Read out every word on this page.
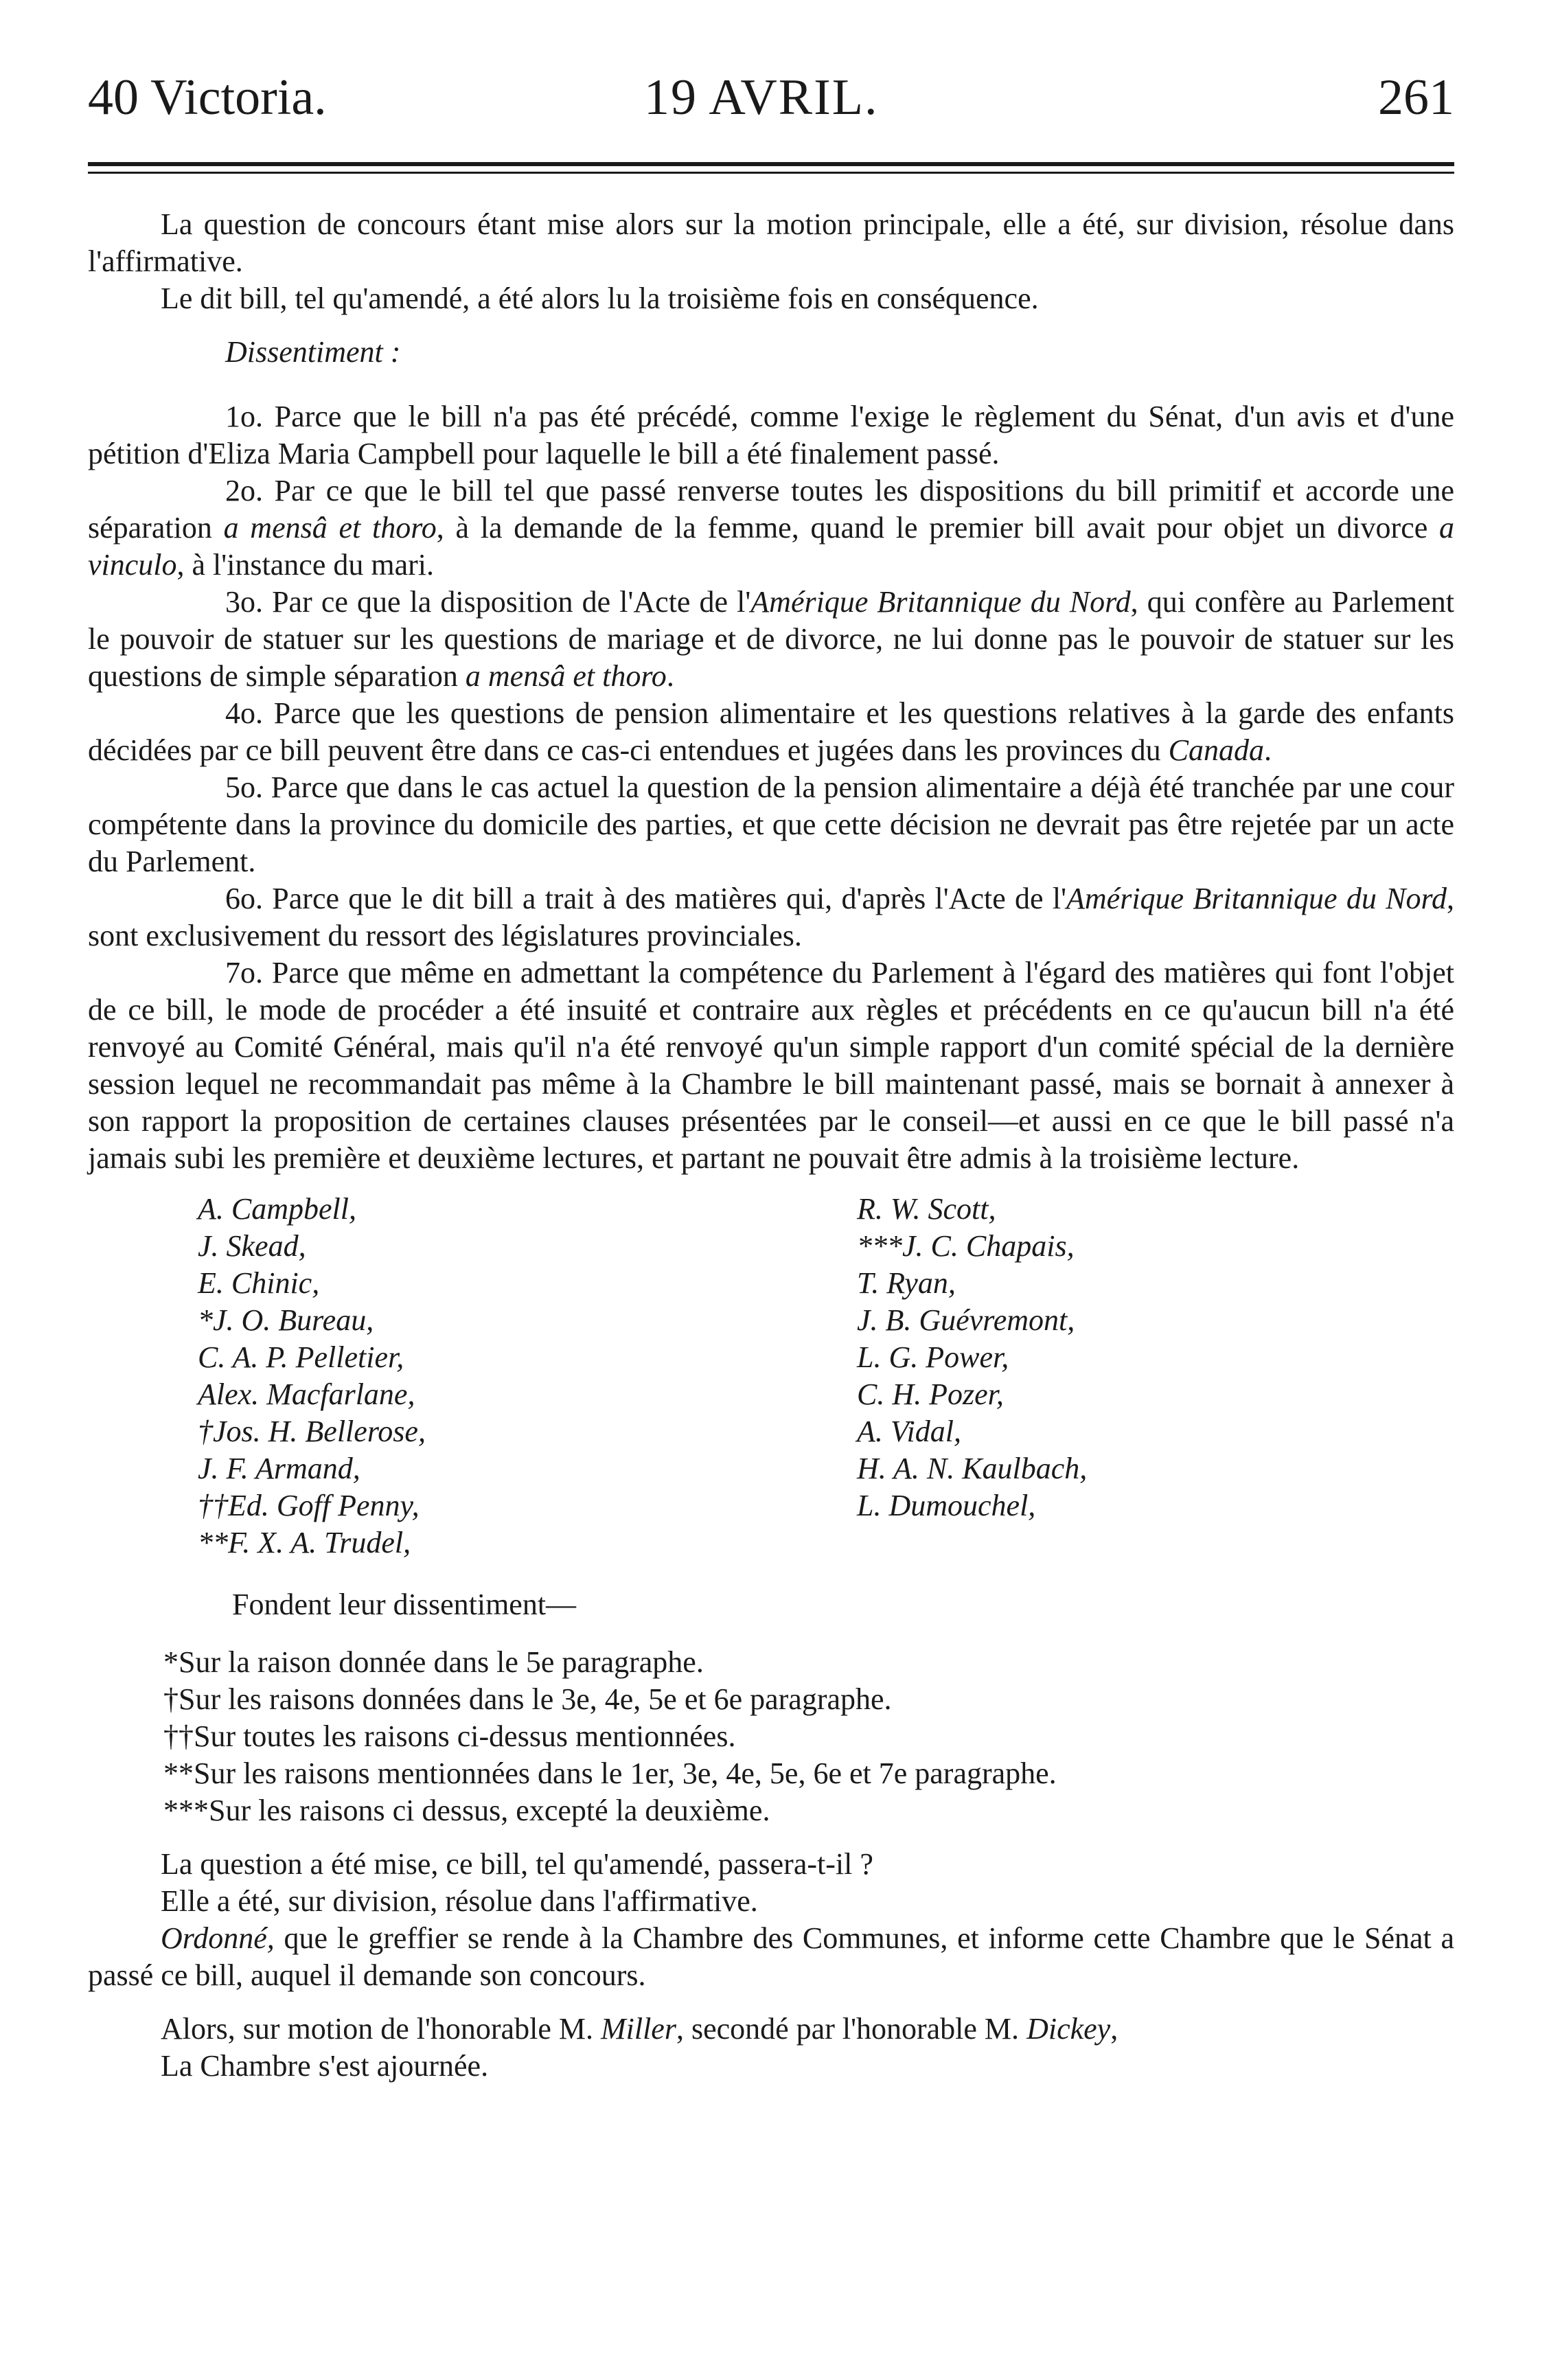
40 Victoria.	19 AVRIL.	261

La question de concours étant mise alors sur la motion principale, elle a été, sur division, résolue dans l'affirmative.

Le dit bill, tel qu'amendé, a été alors lu la troisième fois en conséquence.

Dissentiment :

1o. Parce que le bill n'a pas été précédé, comme l'exige le règlement du Sénat, d'un avis et d'une pétition d'Eliza Maria Campbell pour laquelle le bill a été finalement passé.

2o. Par ce que le bill tel que passé renverse toutes les dispositions du bill primitif et accorde une séparation a mensâ et thoro, à la demande de la femme, quand le premier bill avait pour objet un divorce a vinculo, à l'instance du mari.

3o. Par ce que la disposition de l'Acte de l'Amérique Britannique du Nord, qui confère au Parlement le pouvoir de statuer sur les questions de mariage et de divorce, ne lui donne pas le pouvoir de statuer sur les questions de simple séparation a mensâ et thoro.

4o. Parce que les questions de pension alimentaire et les questions relatives à la garde des enfants décidées par ce bill peuvent être dans ce cas-ci entendues et jugées dans les provinces du Canada.

5o. Parce que dans le cas actuel la question de la pension alimentaire a déjà été tranchée par une cour compétente dans la province du domicile des parties, et que cette décision ne devrait pas être rejetée par un acte du Parlement.

6o. Parce que le dit bill a trait à des matières qui, d'après l'Acte de l'Amérique Britannique du Nord, sont exclusivement du ressort des législatures provinciales.

7o. Parce que même en admettant la compétence du Parlement à l'égard des matières qui font l'objet de ce bill, le mode de procéder a été insuité et contraire aux règles et précédents en ce qu'aucun bill n'a été renvoyé au Comité Général, mais qu'il n'a été renvoyé qu'un simple rapport d'un comité spécial de la dernière session lequel ne recommandait pas même à la Chambre le bill maintenant passé, mais se bornait à annexer à son rapport la proposition de certaines clauses présentées par le conseil—et aussi en ce que le bill passé n'a jamais subi les première et deuxième lectures, et partant ne pouvait être admis à la troisième lecture.

A. Campbell,
J. Skead,
E. Chinic,
*J. O. Bureau,
C. A. P. Pelletier,
Alex. Macfarlane,
†Jos. H. Bellerose,
J. F. Armand,
††Ed. Goff Penny,
**F. X. A. Trudel,
R. W. Scott,
***J. C. Chapais,
T. Ryan,
J. B. Guévremont,
L. G. Power,
C. H. Pozer,
A. Vidal,
H. A. N. Kaulbach,
L. Dumouchel,

Fondent leur dissentiment—

*Sur la raison donnée dans le 5e paragraphe.

†Sur les raisons données dans le 3e, 4e, 5e et 6e paragraphe.

††Sur toutes les raisons ci-dessus mentionnées.

**Sur les raisons mentionnées dans le 1er, 3e, 4e, 5e, 6e et 7e paragraphe.

***Sur les raisons ci dessus, excepté la deuxième.

La question a été mise, ce bill, tel qu'amendé, passera-t-il ?

Elle a été, sur division, résolue dans l'affirmative.

Ordonné, que le greffier se rende à la Chambre des Communes, et informe cette Chambre que le Sénat a passé ce bill, auquel il demande son concours.

Alors, sur motion de l'honorable M. Miller, secondé par l'honorable M. Dickey,

La Chambre s'est ajournée.
